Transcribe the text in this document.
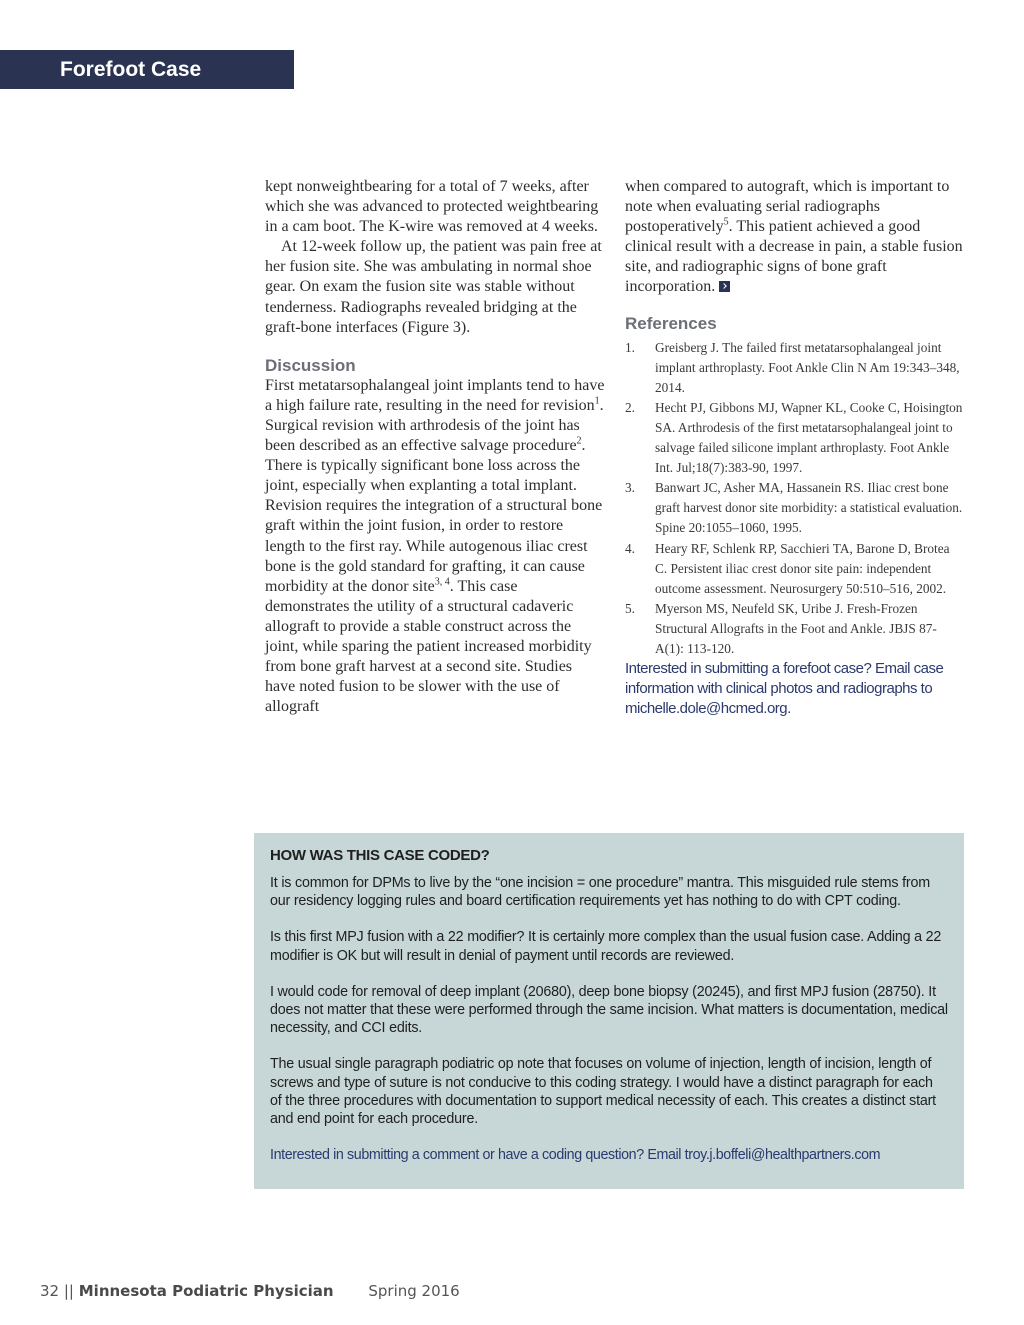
Forefoot Case

kept nonweightbearing for a total of 7 weeks, after which she was advanced to protected weightbearing in a cam boot. The K-wire was removed at 4 weeks.

At 12-week follow up, the patient was pain free at her fusion site. She was ambulating in normal shoe gear. On exam the fusion site was stable without tenderness. Radiographs revealed bridging at the graft-bone interfaces (Figure 3).

Discussion

First metatarsophalangeal joint implants tend to have a high failure rate, resulting in the need for revision$^1$. Surgical revision with arthrodesis of the joint has been described as an effective salvage procedure$^2$. There is typically significant bone loss across the joint, especially when explanting a total implant. Revision requires the integration of a structural bone graft within the joint fusion, in order to restore length to the first ray. While autogenous iliac crest bone is the gold standard for grafting, it can cause morbidity at the donor site$^{3, 4}$. This case demonstrates the utility of a structural cadaveric allograft to provide a stable construct across the joint, while sparing the patient increased morbidity from bone graft harvest at a second site. Studies have noted fusion to be slower with the use of allograft

when compared to autograft, which is important to note when evaluating serial radiographs postoperatively$^5$. This patient achieved a good clinical result with a decrease in pain, a stable fusion site, and radiographic signs of bone graft incorporation.

References
1. Greisberg J. The failed first metatarsophalangeal joint implant arthroplasty. Foot Ankle Clin N Am 19:343–348, 2014.
2. Hecht PJ, Gibbons MJ, Wapner KL, Cooke C, Hoisington SA. Arthrodesis of the first metatarsophalangeal joint to salvage failed silicone implant arthroplasty. Foot Ankle Int. Jul;18(7):383-90, 1997.
3. Banwart JC, Asher MA, Hassanein RS. Iliac crest bone graft harvest donor site morbidity: a statistical evaluation. Spine 20:1055–1060, 1995.
4. Heary RF, Schlenk RP, Sacchieri TA, Barone D, Brotea C. Persistent iliac crest donor site pain: independent outcome assessment. Neurosurgery 50:510–516, 2002.
5. Myerson MS, Neufeld SK, Uribe J. Fresh-Frozen Structural Allografts in the Foot and Ankle. JBJS 87-A(1): 113-120.

Interested in submitting a forefoot case? Email case information with clinical photos and radiographs to michelle.dole@hcmed.org.

HOW WAS THIS CASE CODED?

It is common for DPMs to live by the “one incision = one procedure” mantra. This misguided rule stems from our residency logging rules and board certification requirements yet has nothing to do with CPT coding.

Is this first MPJ fusion with a 22 modifier? It is certainly more complex than the usual fusion case. Adding a 22 modifier is OK but will result in denial of payment until records are reviewed.

I would code for removal of deep implant (20680), deep bone biopsy (20245), and first MPJ fusion (28750). It does not matter that these were performed through the same incision. What matters is documentation, medical necessity, and CCI edits.

The usual single paragraph podiatric op note that focuses on volume of injection, length of incision, length of screws and type of suture is not conducive to this coding strategy. I would have a distinct paragraph for each of the three procedures with documentation to support medical necessity of each. This creates a distinct start and end point for each procedure.

Interested in submitting a comment or have a coding question? Email troy.j.boffeli@healthpartners.com

32 || Minnesota Podiatric Physician Spring 2016
